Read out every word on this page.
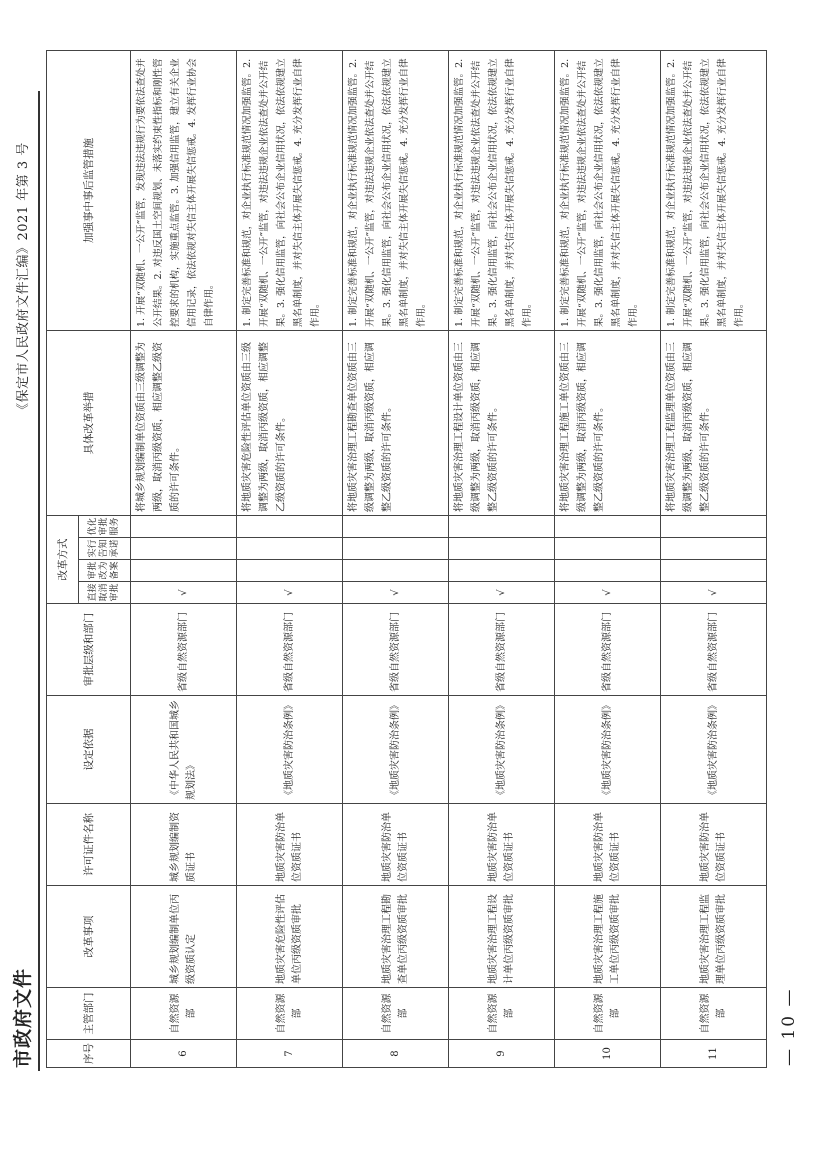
市政府文件
《保定市人民政府文件汇编》2021 年第 3 号
序号	主管部门	改革事项	许可证件名称	设定依据	审批层级和部门	改革方式				具体改革举措	加强事中事后监管措施
						直接取消审批	审批改为备案	实行告知承诺	优化审批服务		
6	自然资源部	城乡规划编制单位丙级资质认定	城乡规划编制资质证书	《中华人民共和国城乡规划法》	省级自然资源部门	√				将城乡规划编制单位资质由三级调整为两级，取消丙级资质，相应调整乙级资质的许可条件。	1. 开展“双随机、一公开”监管，发现违法违规行为要依法查处并公开结果。2. 对违反国土空间规划、未落实约束性指标和刚性管控要求的机构，实施重点监管。3. 加强信用监管，建立有关企业信用记录，依法依规对失信主体开展失信惩戒。4. 发挥行业协会自律作用。
7	自然资源部	地质灾害危险性评估单位丙级资质审批	地质灾害防治单位资质证书	《地质灾害防治条例》	省级自然资源部门	√				将地质灾害危险性评估单位资质由三级调整为两级，取消丙级资质，相应调整乙级资质的许可条件。	1. 制定完善标准和规范，对企业执行标准规范情况加强监管。2. 开展“双随机、一公开”监管，对违法违规企业依法查处并公开结果。3. 强化信用监管，向社会公布企业信用状况，依法依规建立黑名单制度，并对失信主体开展失信惩戒。4. 充分发挥行业自律作用。
8	自然资源部	地质灾害治理工程勘查单位丙级资质审批	地质灾害防治单位资质证书	《地质灾害防治条例》	省级自然资源部门	√				将地质灾害治理工程勘查单位资质由三级调整为两级，取消丙级资质，相应调整乙级资质的许可条件。	1. 制定完善标准和规范，对企业执行标准规范情况加强监管。2. 开展“双随机、一公开”监管，对违法违规企业依法查处并公开结果。3. 强化信用监管，向社会公布企业信用状况，依法依规建立黑名单制度，并对失信主体开展失信惩戒。4. 充分发挥行业自律作用。
9	自然资源部	地质灾害治理工程设计单位丙级资质审批	地质灾害防治单位资质证书	《地质灾害防治条例》	省级自然资源部门	√				将地质灾害治理工程设计单位资质由三级调整为两级，取消丙级资质，相应调整乙级资质的许可条件。	1. 制定完善标准和规范，对企业执行标准规范情况加强监管。2. 开展“双随机、一公开”监管，对违法违规企业依法查处并公开结果。3. 强化信用监管，向社会公布企业信用状况，依法依规建立黑名单制度，并对失信主体开展失信惩戒。4. 充分发挥行业自律作用。
10	自然资源部	地质灾害治理工程施工单位丙级资质审批	地质灾害防治单位资质证书	《地质灾害防治条例》	省级自然资源部门	√				将地质灾害治理工程施工单位资质由三级调整为两级，取消丙级资质，相应调整乙级资质的许可条件。	1. 制定完善标准和规范，对企业执行标准规范情况加强监管。2. 开展“双随机、一公开”监管，对违法违规企业依法查处并公开结果。3. 强化信用监管，向社会公布企业信用状况，依法依规建立黑名单制度，并对失信主体开展失信惩戒。4. 充分发挥行业自律作用。
11	自然资源部	地质灾害治理工程监理单位丙级资质审批	地质灾害防治单位资质证书	《地质灾害防治条例》	省级自然资源部门	√				将地质灾害治理工程监理单位资质由三级调整为两级，取消丙级资质，相应调整乙级资质的许可条件。	1. 制定完善标准和规范，对企业执行标准规范情况加强监管。2. 开展“双随机、一公开”监管，对违法违规企业依法查处并公开结果。3. 强化信用监管，向社会公布企业信用状况，依法依规建立黑名单制度，并对失信主体开展失信惩戒。4. 充分发挥行业自律作用。
— 10 —
